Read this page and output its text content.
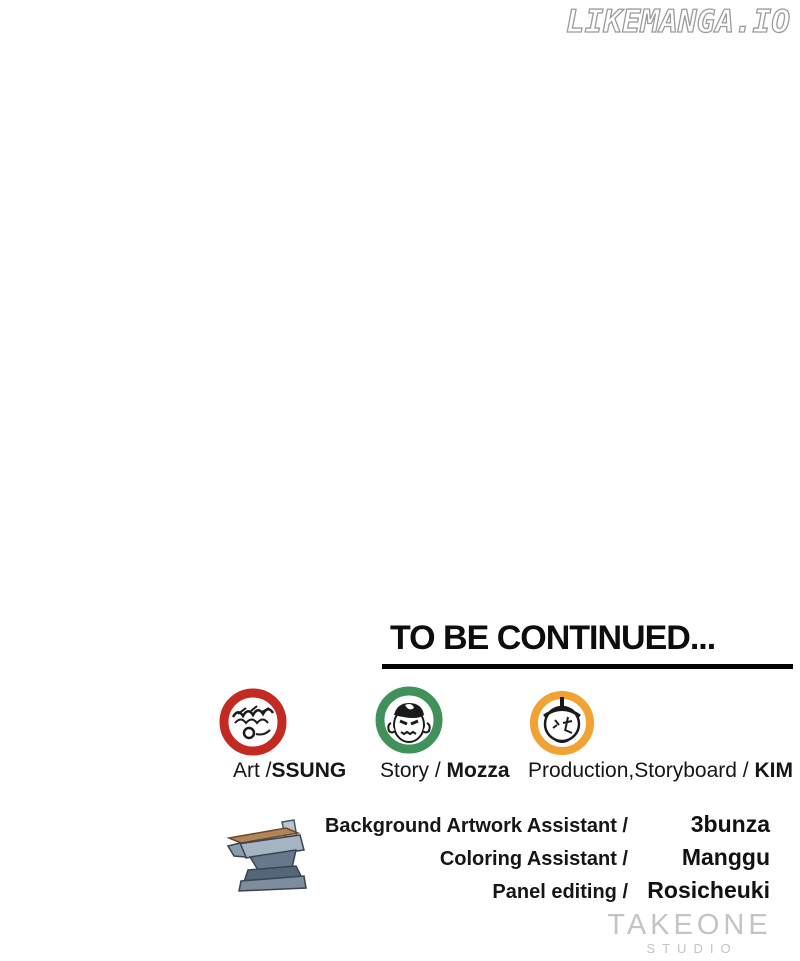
LIKEMANGA.IO
TO BE CONTINUED...
Art /SSUNG Story / Mozza Production,Storyboard / KIM
Background Artwork Assistant /	3bunza
Coloring Assistant /	Manggu
Panel editing / Rosicheuki
TAKEONE
STUDIO
